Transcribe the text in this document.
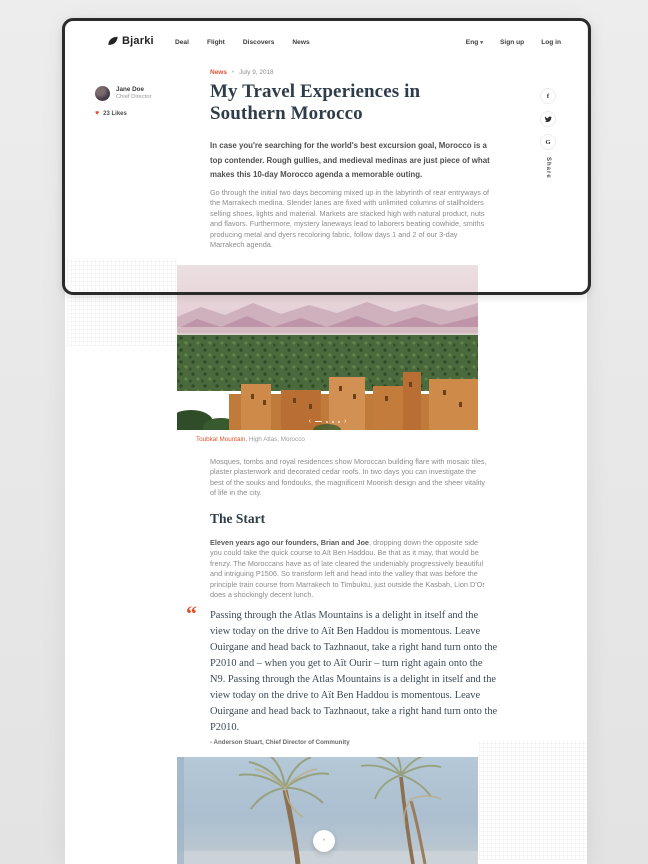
Bjarki	Deal	Flight	Discovers	News	Eng ▾	Sign up	Log in
Jane Doe
Chief Director
♥ 23 Likes
f
G
Share
News • July 9, 2018
My Travel Experiences in Southern Morocco

In case you're searching for the world's best excursion goal, Morocco is a top contender. Rough gullies, and medieval medinas are just piece of what makes this 10-day Morocco agenda a memorable outing.

Go through the initial two days becoming mixed up in the labyrinth of rear entryways of the Marrakech medina. Slender lanes are fixed with unlimited columns of stallholders selling shoes, lights and material. Markets are stacked high with natural product, nuts and flavors. Furthermore, mystery laneways lead to laborers beating cowhide, smiths producing metal and dyers recoloring fabric, follow days 1 and 2 of our 3-day Marrakech agenda.

Toubkal Mountain, High Atlas, Morocco

Mosques, tombs and royal residences show Moroccan building flare with mosaic tiles, plaster plasterwork and decorated cedar roofs. In two days you can investigate the best of the souks and fondouks, the magnificent Moorish design and the sheer vitality of life in the city.

The Start

Eleven years ago our founders, Brian and Joe, dropping down the opposite side you could take the quick course to Aït Ben Haddou. Be that as it may, that would be frenzy. The Moroccans have as of late cleared the undeniably progressively beautiful and intriguing P1506. So transform left and head into the valley that was before the principle train course from Marrakech to Timbuktu, just outside the Kasbah, Lion D'Or does a shockingly decent lunch.

“ Passing through the Atlas Mountains is a delight in itself and the view today on the drive to Aït Ben Haddou is momentous. Leave Ouirgane and head back to Tazhnaout, take a right hand turn onto the P2010 and – when you get to Aït Ourir – turn right again onto the N9. Passing through the Atlas Mountains is a delight in itself and the view today on the drive to Aït Ben Haddou is momentous. Leave Ouirgane and head back to Tazhnaout, take a right hand turn onto the P2010.
- Anderson Stuart, Chief Director of Community
‹	›
•
